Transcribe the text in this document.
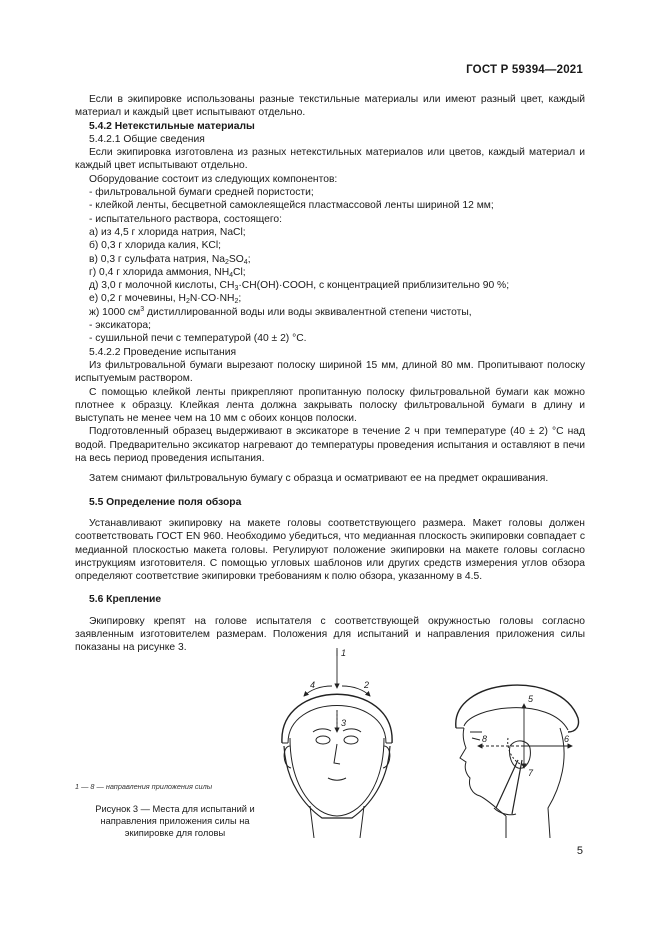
ГОСТ Р 59394—2021

Если в экипировке использованы разные текстильные материалы или имеют разный цвет, каждый материал и каждый цвет испытывают отдельно.

5.4.2 Нетекстильные материалы

5.4.2.1 Общие сведения

Если экипировка изготовлена из разных нетекстильных материалов или цветов, каждый материал и каждый цвет испытывают отдельно.

Оборудование состоит из следующих компонентов:

- фильтровальной бумаги средней пористости;

- клейкой ленты, бесцветной самоклеящейся пластмассовой ленты шириной 12 мм;

- испытательного раствора, состоящего:

а) из 4,5 г хлорида натрия, NaCl;

б) 0,3 г хлорида калия, KCl;

в) 0,3 г сульфата натрия, $Na_2SO_4$;

г) 0,4 г хлорида аммония, $NH_4Cl$;

д) 3,0 г молочной кислоты, $CH_3\cdot CH(OH)\cdot COOH$, с концентрацией приблизительно 90 %;

е) 0,2 г мочевины, $H_2N\cdot CO\cdot NH_2$;

ж) 1000 $см^3$ дистиллированной воды или воды эквивалентной степени чистоты,

- эксикатора;

- сушильной печи с температурой (40 ± 2) °С.

5.4.2.2 Проведение испытания

Из фильтровальной бумаги вырезают полоску шириной 15 мм, длиной 80 мм. Пропитывают полоску испытуемым раствором.

С помощью клейкой ленты прикрепляют пропитанную полоску фильтровальной бумаги как можно плотнее к образцу. Клейкая лента должна закрывать полоску фильтровальной бумаги в длину и выступать не менее чем на 10 мм с обоих концов полоски.

Подготовленный образец выдерживают в эксикаторе в течение 2 ч при температуре (40 ± 2) °С над водой. Предварительно эксикатор нагревают до температуры проведения испытания и оставляют в печи на весь период проведения испытания.

Затем снимают фильтровальную бумагу с образца и осматривают ее на предмет окрашивания.

5.5 Определение поля обзора

Устанавливают экипировку на макете головы соответствующего размера. Макет головы должен соответствовать ГОСТ EN 960. Необходимо убедиться, что медианная плоскость экипировки совпадает с медианной плоскостью макета головы. Регулируют положение экипировки на макете головы согласно инструкциям изготовителя. С помощью угловых шаблонов или других средств измерения углов обзора определяют соответствие экипировки требованиям к полю обзора, указанному в 4.5.

5.6 Крепление

Экипировку крепят на голове испытателя с соответствующей окружностью головы согласно заявленным изготовителем размерам. Положения для испытаний и направления приложения силы показаны на рисунке 3.	1
2
3
4
5
6
7
8
1 — 8 — направления приложения силы
Рисунок 3 — Места для испытаний и направления приложения силы на экипировке для головы
5
